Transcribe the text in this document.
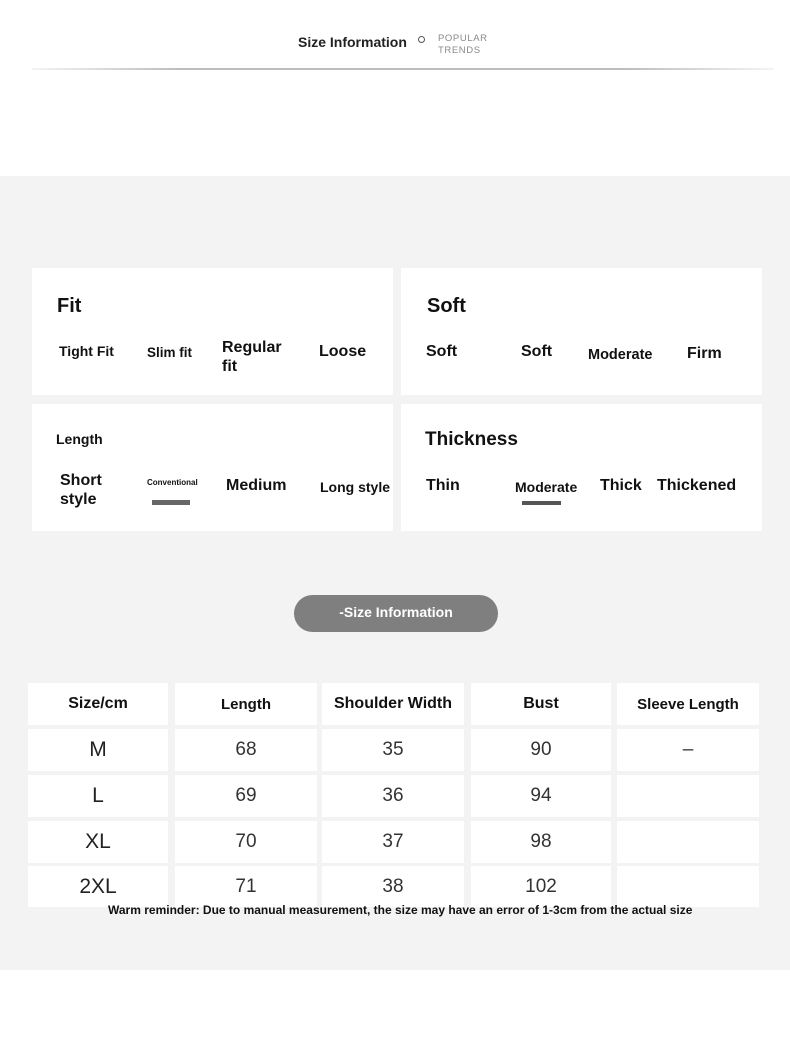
Size Information	POPULAR
TRENDS
Fit
Tight Fit Slim fit Regular fit
Loose
Soft
Soft	Soft Moderate Firm
Length
Short style
Conventional Medium Long style
Thickness
Thin	Moderate Thick Thickened
-Size Information
Size/cm	Length	Shoulder Width	Bust	Sleeve Length
M	68	35	90	–
L	69	36	94
XL	70	37	98
2XL	71	38	102
Warm reminder: Due to manual measurement, the size may have an error of 1-3cm from the actual size
